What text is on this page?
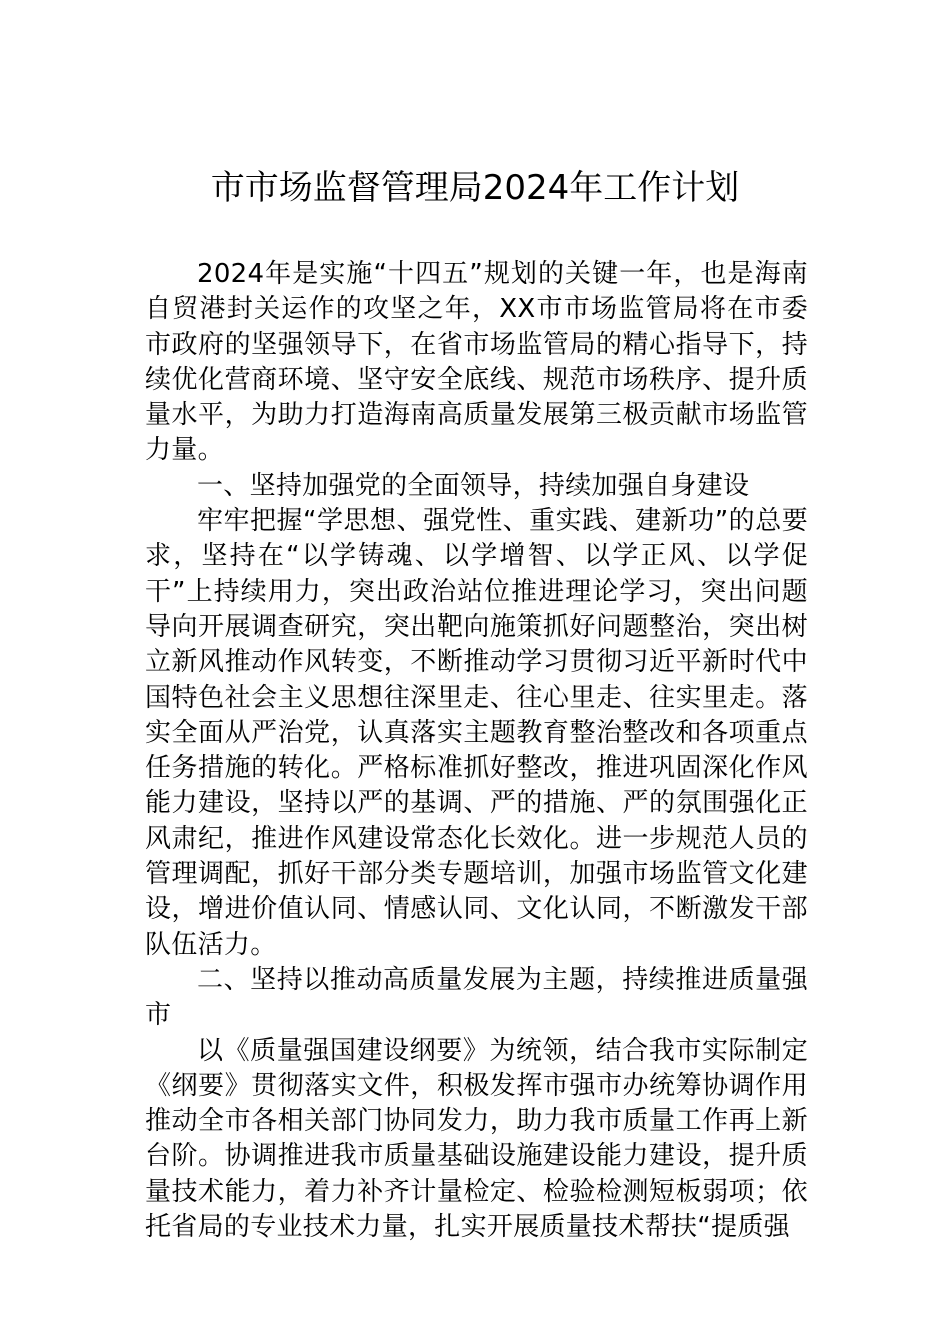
市市场监督管理局2024年工作计划

2024年是实施“十四五”规划的关键一年，也是海南自贸港封关运作的攻坚之年，XX市市场监管局将在市委市政府的坚强领导下，在省市场监管局的精心指导下，持续优化营商环境、坚守安全底线、规范市场秩序、提升质量水平，为助力打造海南高质量发展第三极贡献市场监管力量。

一、坚持加强党的全面领导，持续加强自身建设

牢牢把握“学思想、强党性、重实践、建新功”的总要求，坚持在“以学铸魂、以学增智、以学正风、以学促干”上持续用力，突出政治站位推进理论学习，突出问题导向开展调查研究，突出靶向施策抓好问题整治，突出树立新风推动作风转变，不断推动学习贯彻习近平新时代中国特色社会主义思想往深里走、往心里走、往实里走。落实全面从严治党，认真落实主题教育整治整改和各项重点任务措施的转化。严格标准抓好整改，推进巩固深化作风能力建设，坚持以严的基调、严的措施、严的氛围强化正风肃纪，推进作风建设常态化长效化。进一步规范人员的管理调配，抓好干部分类专题培训，加强市场监管文化建设，增进价值认同、情感认同、文化认同，不断激发干部队伍活力。

二、坚持以推动高质量发展为主题，持续推进质量强市

以《质量强国建设纲要》为统领，结合我市实际制定《纲要》贯彻落实文件，积极发挥市强市办统筹协调作用推动全市各相关部门协同发力，助力我市质量工作再上新台阶。协调推进我市质量基础设施建设能力建设，提升质量技术能力，着力补齐计量检定、检验检测短板弱项；依托省局的专业技术力量，扎实开展质量技术帮扶“提质强
